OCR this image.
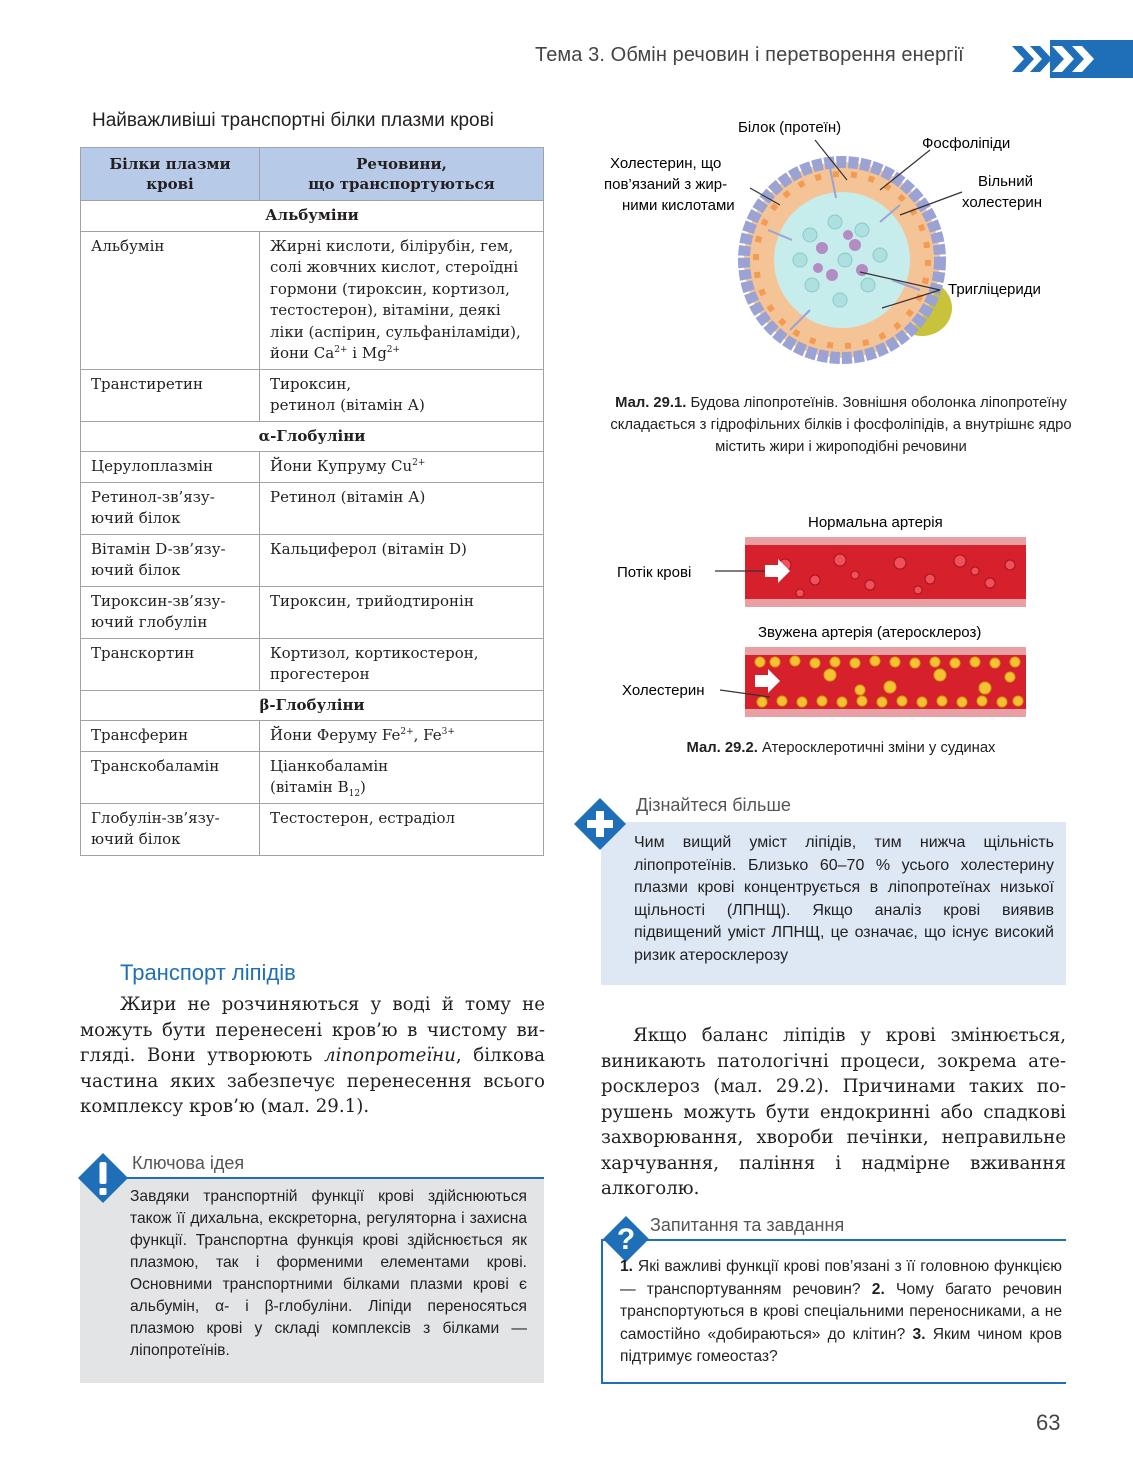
Тема 3. Обмін речовин і перетворення енергії
Найважливіші транспортні білки плазми крові
Білки плазми
крові	Речовини,
що транспортуються
Альбуміни	
Альбумін	Жирні кислоти, білірубін, гем, солі жовчних кислот, стероїдні гормони (тироксин, кортизол, тестостерон), вітаміни, деякі ліки (аспірин, сульфаніламіди), йони $Ca^{2+}$ і $Mg^{2+}$
Транстиретин	Тироксин,
ретинол (вітамін А)
α-Глобуліни	
Церулоплазмін	Йони Купруму $Cu^{2+}$
Ретинол-зв’язуючий білок	Ретинол (вітамін А)
Вітамін D-зв’язуючий білок	Кальциферол (вітамін D)
Тироксин-зв’язуючий глобулін	Тироксин, трийодтиронін
Транскортин	Кортизол, кортикостерон, прогестерон
β-Глобуліни	
Трансферин	Йони Феруму $Fe^{2+}$, $Fe^{3+}$
Транскобаламін	Ціанкобаламін
(вітамін $B_{12}$)
Глобулін-зв’язуючий білок	Тестостерон, естрадіол
Транспорт ліпідів
Жири не розчиняються у воді й тому не можуть бути перенесені кров’ю в чистому вигляді. Вони утворюють ліпопротеїни, білкова частина яких забезпечує перенесення всього комплексу кров’ю (мал. 29.1).
Ключова ідея
Завдяки транспортній функції крові здійснюються також її дихальна, екскреторна, регуляторна і захисна функції. Транспортна функція крові здійснюється як плазмою, так і форменими елементами крові. Основними транспортними білками плазми крові є альбумін, α- і β-глобуліни. Ліпіди переносяться плазмою крові у складі комплексів з білками — ліпопротеїнів.
Білок (протеїн)
Фосфоліпіди
Холестерин, що
пов’язаний з жир-
ними кислотами
Вільний
холестерин
Тригліцериди
Мал. 29.1. Будова ліпопротеїнів. Зовнішня оболонка ліпопротеїну складається з гідрофільних білків і фосфоліпідів, а внутрішнє ядро містить жири і жироподібні речовини
Нормальна артерія
Потік крові
Звужена артерія (атеросклероз)
Холестерин
Мал. 29.2. Атеросклеротичні зміни у судинах
Дізнайтеся більше
Чим вищий уміст ліпідів, тим нижча щільність ліпопротеїнів. Близько 60–70 % усього холестерину плазми крові концентрується в ліпопротеїнах низької щільності (ЛПНЩ). Якщо аналіз крові виявив підвищений уміст ЛПНЩ, це означає, що існує високий ризик атеросклерозу
Якщо баланс ліпідів у крові змінюється, виникають патологічні процеси, зокрема атеросклероз (мал. 29.2). Причинами таких порушень можуть бути ендокринні або спадкові захворювання, хвороби печінки, неправильне харчування, паління і надмірне вживання алкоголю.
Запитання та завдання
?
1. Які важливі функції крові пов’язані з її головною функцією — транспортуванням речовин? 2. Чому багато речовин транспортуються в крові спеціальними переносниками, а не самостійно «добираються» до клітин? 3. Яким чином кров підтримує гомеостаз?
63
